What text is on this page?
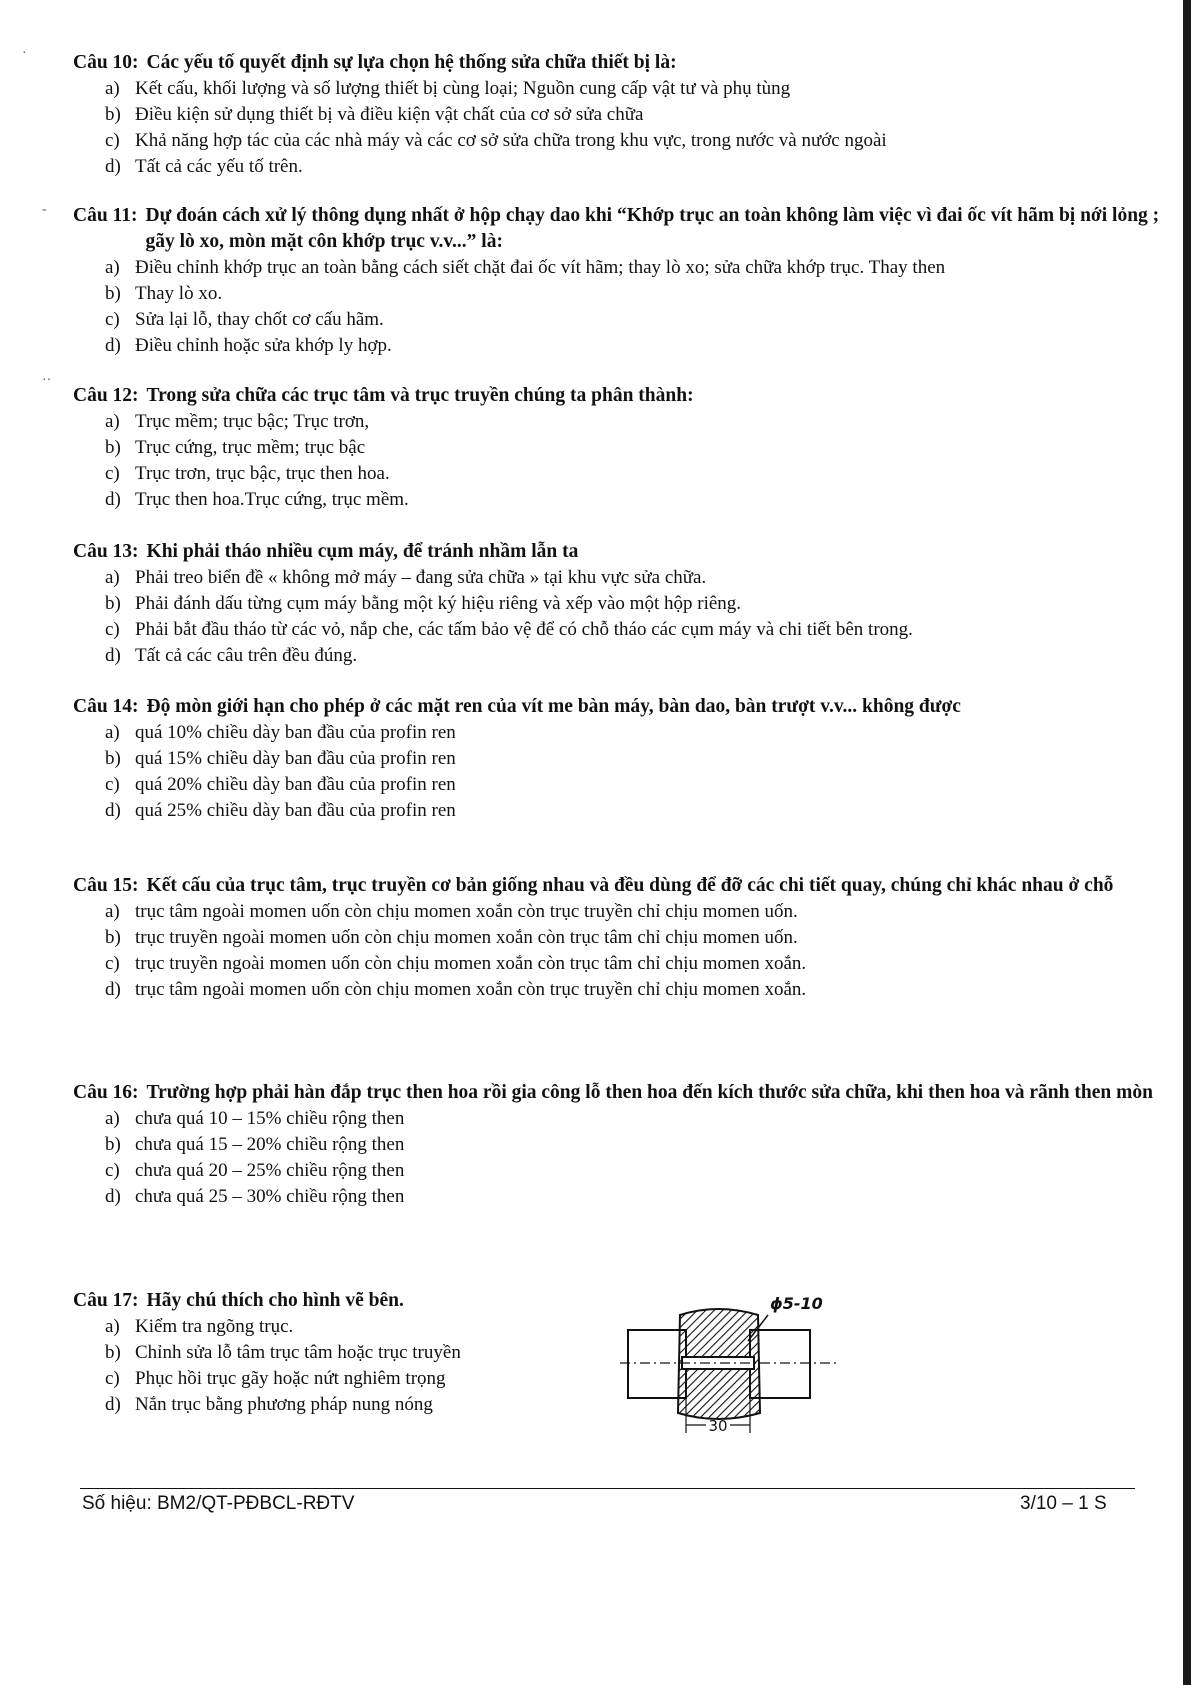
·
-
··
Câu 10: Các yếu tố quyết định sự lựa chọn hệ thống sửa chữa thiết bị là:
a) Kết cấu, khối lượng và số lượng thiết bị cùng loại; Nguồn cung cấp vật tư và phụ tùng
b) Điều kiện sử dụng thiết bị và điều kiện vật chất của cơ sở sửa chữa
c) Khả năng hợp tác của các nhà máy và các cơ sở sửa chữa trong khu vực, trong nước và nước ngoài
d) Tất cả các yếu tố trên.
Câu 11: Dự đoán cách xử lý thông dụng nhất ở hộp chạy dao khi “Khớp trục an toàn không làm việc vì đai ốc vít hãm bị nới lỏng ; gãy lò xo, mòn mặt côn khớp trục v.v...” là:
a) Điều chỉnh khớp trục an toàn bằng cách siết chặt đai ốc vít hãm; thay lò xo; sửa chữa khớp trục. Thay then
b) Thay lò xo.
c) Sửa lại lỗ, thay chốt cơ cấu hãm.
d) Điều chỉnh hoặc sửa khớp ly hợp.
Câu 12: Trong sửa chữa các trục tâm và trục truyền chúng ta phân thành:
a) Trục mềm; trục bậc; Trục trơn,
b) Trục cứng, trục mềm; trục bậc
c) Trục trơn, trục bậc, trục then hoa.
d) Trục then hoa.Trục cứng, trục mềm.
Câu 13: Khi phải tháo nhiều cụm máy, để tránh nhầm lẫn ta
a) Phải treo biển đề « không mở máy – đang sửa chữa » tại khu vực sửa chữa.
b) Phải đánh dấu từng cụm máy bằng một ký hiệu riêng và xếp vào một hộp riêng.
c) Phải bắt đầu tháo từ các vỏ, nắp che, các tấm bảo vệ để có chỗ tháo các cụm máy và chi tiết bên trong.
d) Tất cả các câu trên đều đúng.
Câu 14: Độ mòn giới hạn cho phép ở các mặt ren của vít me bàn máy, bàn dao, bàn trượt v.v... không được
a) quá 10% chiều dày ban đầu của profin ren
b) quá 15% chiều dày ban đầu của profin ren
c) quá 20% chiều dày ban đầu của profin ren
d) quá 25% chiều dày ban đầu của profin ren
Câu 15: Kết cấu của trục tâm, trục truyền cơ bản giống nhau và đều dùng để đỡ các chi tiết quay, chúng chỉ khác nhau ở chỗ
a) trục tâm ngoài momen uốn còn chịu momen xoắn còn trục truyền chỉ chịu momen uốn.
b) trục truyền ngoài momen uốn còn chịu momen xoắn còn trục tâm chỉ chịu momen uốn.
c) trục truyền ngoài momen uốn còn chịu momen xoắn còn trục tâm chỉ chịu momen xoắn.
d) trục tâm ngoài momen uốn còn chịu momen xoắn còn trục truyền chỉ chịu momen xoắn.
Câu 16: Trường hợp phải hàn đắp trục then hoa rồi gia công lỗ then hoa đến kích thước sửa chữa, khi then hoa và rãnh then mòn
a) chưa quá 10 – 15% chiều rộng then
b) chưa quá 15 – 20% chiều rộng then
c) chưa quá 20 – 25% chiều rộng then
d) chưa quá 25 – 30% chiều rộng then
Câu 17: Hãy chú thích cho hình vẽ bên.
a) Kiểm tra ngõng trục.
b) Chỉnh sửa lỗ tâm trục tâm hoặc trục truyền
c) Phục hồi trục gãy hoặc nứt nghiêm trọng
d) Nắn trục bằng phương pháp nung nóng
ϕ5-10
30
Số hiệu: BM2/QT-PĐBCL-RĐTV	3/10 – 1 S
